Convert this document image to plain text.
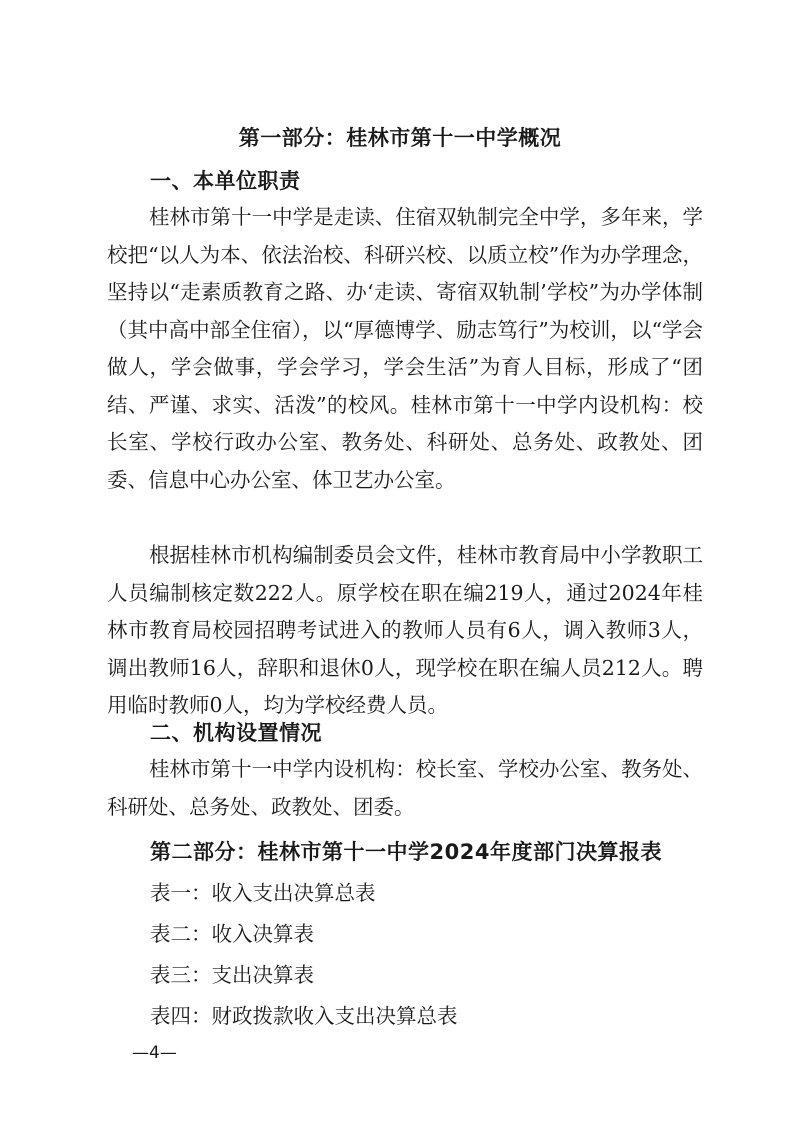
第一部分：桂林市第十一中学概况
一、本单位职责

桂林市第十一中学是走读、住宿双轨制完全中学，多年来，学校把“以人为本、依法治校、科研兴校、以质立校”作为办学理念，坚持以“走素质教育之路、办‘走读、寄宿双轨制’学校”为办学体制（其中高中部全住宿），以“厚德博学、励志笃行”为校训，以“学会做人，学会做事，学会学习，学会生活”为育人目标，形成了“团结、严谨、求实、活泼”的校风。桂林市第十一中学内设机构：校长室、学校行政办公室、教务处、科研处、总务处、政教处、团委、信息中心办公室、体卫艺办公室。

根据桂林市机构编制委员会文件，桂林市教育局中小学教职工人员编制核定数222人。原学校在职在编219人，通过2024年桂林市教育局校园招聘考试进入的教师人员有6人，调入教师3人，调出教师16人，辞职和退休0人，现学校在职在编人员212人。聘用临时教师0人，均为学校经费人员。

二、机构设置情况

桂林市第十一中学内设机构：校长室、学校办公室、教务处、科研处、总务处、政教处、团委。

第二部分：桂林市第十一中学2024年度部门决算报表
表一：收入支出决算总表
表二：收入决算表
表三：支出决算表
表四：财政拨款收入支出决算总表
—4—
